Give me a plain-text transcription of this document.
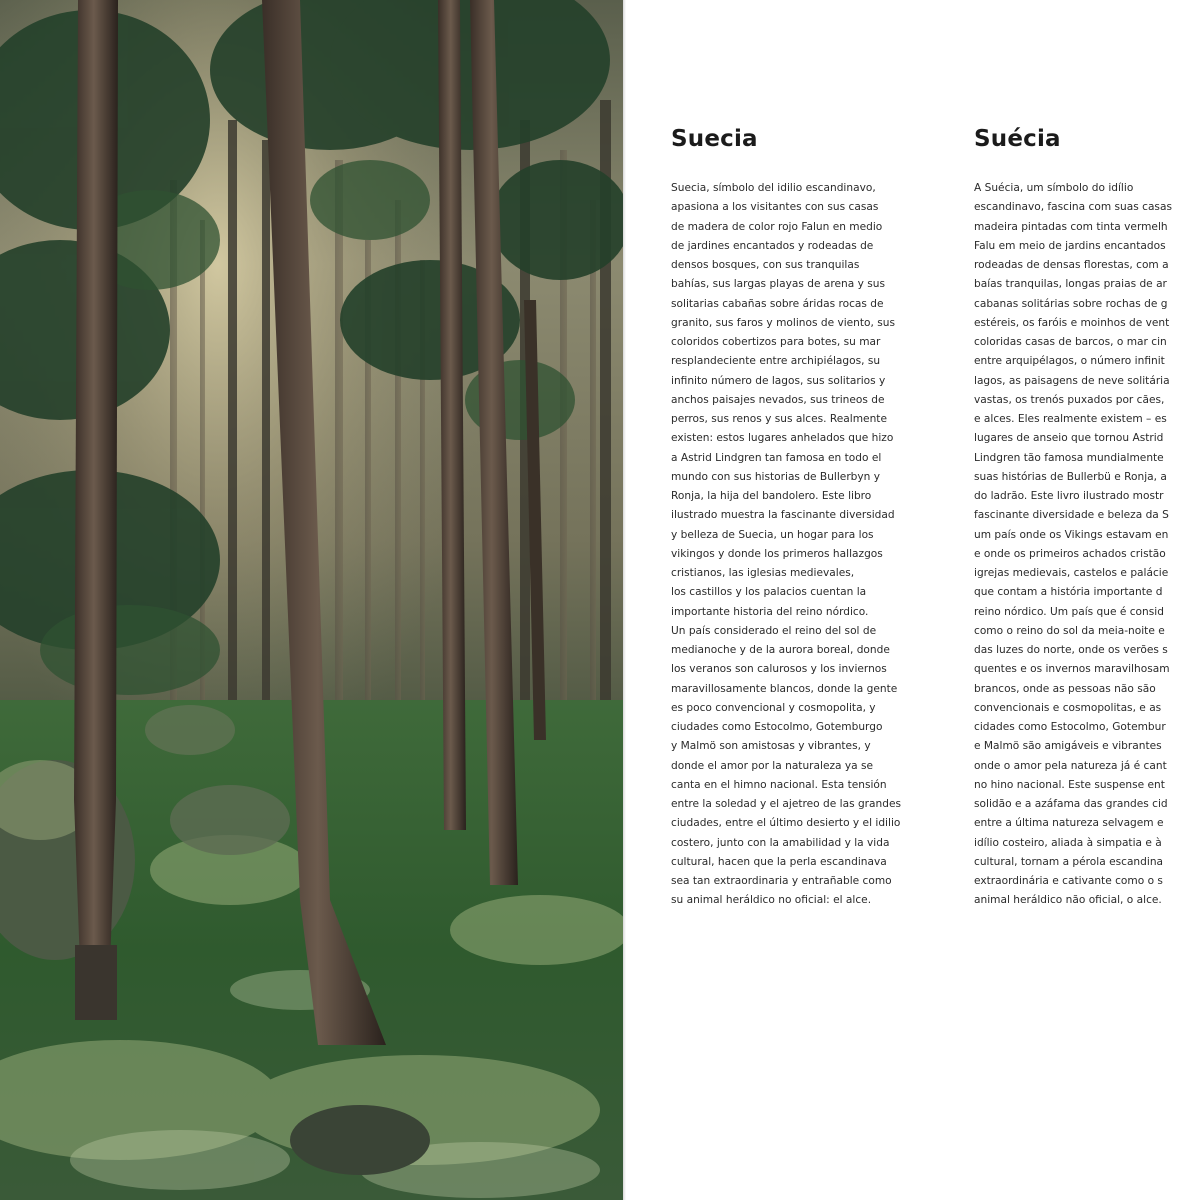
Suecia

Suecia, símbolo del idilio escandinavo,
apasiona a los visitantes con sus casas
de madera de color rojo Falun en medio
de jardines encantados y rodeadas de
densos bosques, con sus tranquilas
bahías, sus largas playas de arena y sus
solitarias cabañas sobre áridas rocas de
granito, sus faros y molinos de viento, sus
coloridos cobertizos para botes, su mar
resplandeciente entre archipiélagos, su
infinito número de lagos, sus solitarios y
anchos paisajes nevados, sus trineos de
perros, sus renos y sus alces. Realmente
existen: estos lugares anhelados que hizo
a Astrid Lindgren tan famosa en todo el
mundo con sus historias de Bullerbyn y
Ronja, la hija del bandolero. Este libro
ilustrado muestra la fascinante diversidad
y belleza de Suecia, un hogar para los
vikingos y donde los primeros hallazgos
cristianos, las iglesias medievales,
los castillos y los palacios cuentan la
importante historia del reino nórdico.
Un país considerado el reino del sol de
medianoche y de la aurora boreal, donde
los veranos son calurosos y los inviernos
maravillosamente blancos, donde la gente
es poco convencional y cosmopolita, y
ciudades como Estocolmo, Gotemburgo
y Malmö son amistosas y vibrantes, y
donde el amor por la naturaleza ya se
canta en el himno nacional. Esta tensión
entre la soledad y el ajetreo de las grandes
ciudades, entre el último desierto y el idilio
costero, junto con la amabilidad y la vida
cultural, hacen que la perla escandinava
sea tan extraordinaria y entrañable como
su animal heráldico no oficial: el alce.

Suécia

A Suécia, um símbolo do idílio
escandinavo, fascina com suas casas
madeira pintadas com tinta vermelh
Falu em meio de jardins encantados
rodeadas de densas florestas, com a
baías tranquilas, longas praias de ar
cabanas solitárias sobre rochas de g
estéreis, os faróis e moinhos de vent
coloridas casas de barcos, o mar cin
entre arquipélagos, o número infinit
lagos, as paisagens de neve solitária
vastas, os trenós puxados por cães,
e alces. Eles realmente existem – es
lugares de anseio que tornou Astrid
Lindgren tão famosa mundialmente
suas histórias de Bullerbü e Ronja, a
do ladrão. Este livro ilustrado mostr
fascinante diversidade e beleza da S
um país onde os Vikings estavam en
e onde os primeiros achados cristão
igrejas medievais, castelos e palácie
que contam a história importante d
reino nórdico. Um país que é consid
como o reino do sol da meia-noite e
das luzes do norte, onde os verões s
quentes e os invernos maravilhosam
brancos, onde as pessoas não são
convencionais e cosmopolitas, e as
cidades como Estocolmo, Gotembur
e Malmö são amigáveis e vibrantes
onde o amor pela natureza já é cant
no hino nacional. Este suspense ent
solidão e a azáfama das grandes cid
entre a última natureza selvagem e
idílio costeiro, aliada à simpatia e à
cultural, tornam a pérola escandina
extraordinária e cativante como o s
animal heráldico não oficial, o alce.
